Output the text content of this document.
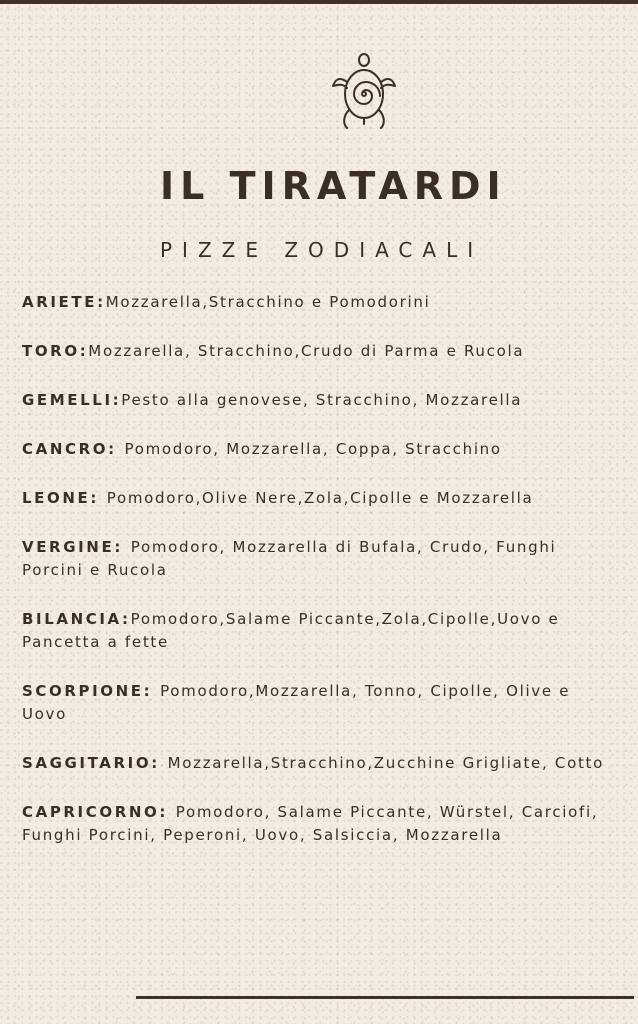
IL TIRATARDI
PIZZE ZODIACALI
ARIETE:Mozzarella,Stracchino e Pomodorini
TORO:Mozzarella, Stracchino,Crudo di Parma e Rucola
GEMELLI:Pesto alla genovese, Stracchino, Mozzarella
CANCRO: Pomodoro, Mozzarella, Coppa, Stracchino
LEONE: Pomodoro,Olive Nere,Zola,Cipolle e Mozzarella
VERGINE: Pomodoro, Mozzarella di Bufala, Crudo, Funghi Porcini e Rucola
BILANCIA:Pomodoro,Salame Piccante,Zola,Cipolle,Uovo e Pancetta a fette
SCORPIONE: Pomodoro,Mozzarella, Tonno, Cipolle, Olive e Uovo
SAGGITARIO: Mozzarella,Stracchino,Zucchine Grigliate, Cotto
CAPRICORNO: Pomodoro, Salame Piccante, Würstel, Carciofi, Funghi Porcini, Peperoni, Uovo, Salsiccia, Mozzarella
